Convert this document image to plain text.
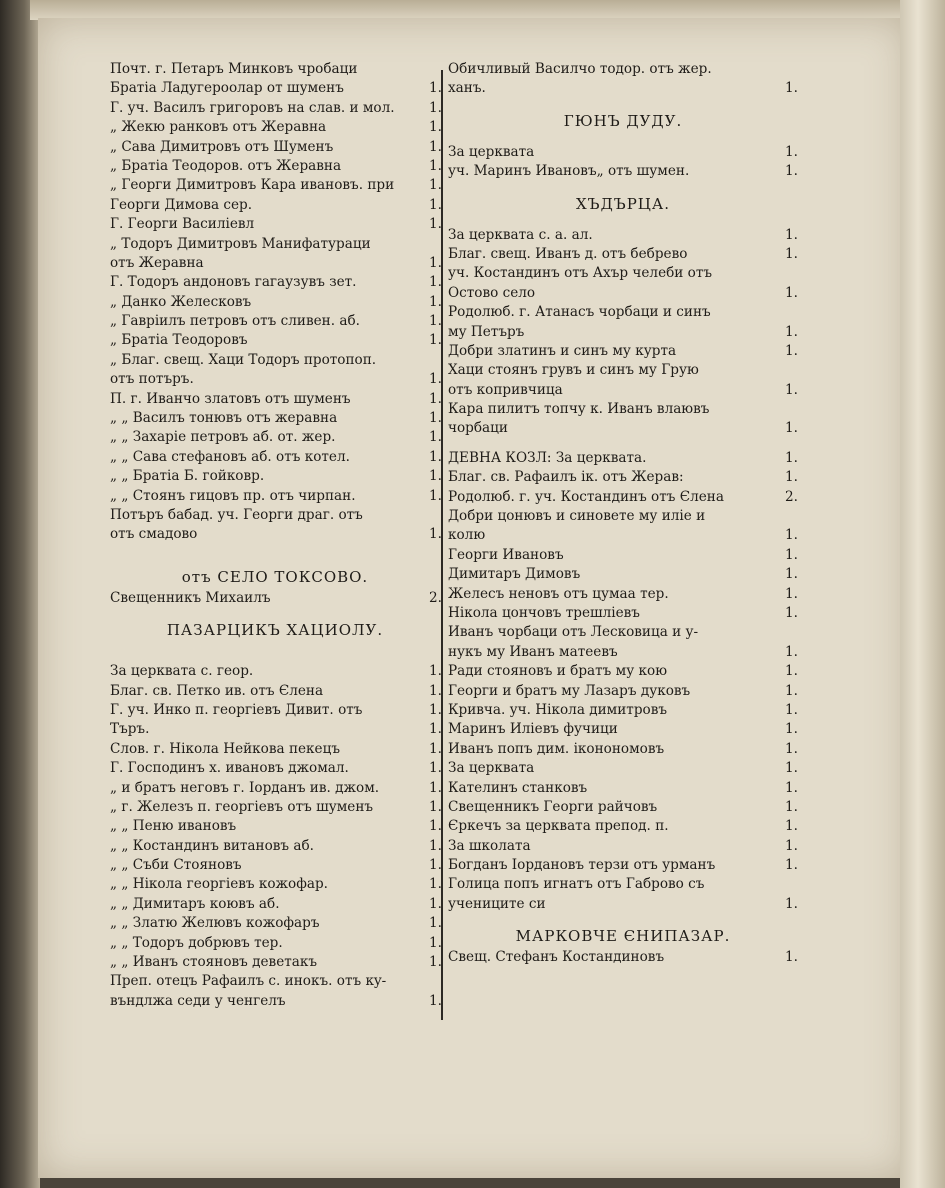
Почт. г. Петаръ Минковъ чробаци
Братіа Ладугероолар от шуменъ	1.
Г. уч. Василъ григоровъ на слав. и мол.	1.
„ Жекю ранковъ отъ Жеравна	1.
„ Сава Димитровъ отъ Шуменъ	1.
„ Братіа Теодоров. отъ Жеравна	1.
„ Георги Димитровъ Кара ивановъ. при	1.
Георги Димова сер.	1.
Г. Георги Василіевл	1.
„ Тодоръ Димитровъ Манифатураци
отъ Жеравна	1.
Г. Тодоръ андоновъ гагаузувъ зет.	1.
„ Данко Желесковъ	1.
„ Гавріилъ петровъ отъ сливен. аб.	1.
„ Братіа Теодоровъ	1.
„ Благ. свещ. Хаци Тодоръ протопоп.
отъ потъръ.	1.
П. г. Иванчо златовъ отъ шуменъ	1.
„ „ Василъ тонювъ отъ жеравна	1.
„ „ Захаріе петровъ аб. от. жер.	1.
„ „ Сава стефановъ аб. отъ котел.	1.
„ „ Братіа Б. гойковр.	1.
„ „ Стоянъ гицовъ пр. отъ чирпан.	1.
Потъръ бабад. уч. Георги драг. отъ
отъ смадово	1.
отъ СЕЛО ТОКСОВО.
Свещенникъ Михаилъ	2.
ПАЗАРЦИКЪ ХАЦИОЛУ.
За церквата с. геор.	1.
Благ. св. Петко ив. отъ Єлена	1.
Г. уч. Инко п. георгіевъ Дивит. отъ	1.
Търъ.	1.
Слов. г. Нікола Нейкова пекецъ	1.
Г. Господинъ х. ивановъ джомал.	1.
„ и братъ неговъ г. Іорданъ ив. джом.	1.
„ г. Железъ п. георгіевъ отъ шуменъ	1.
„ „ Пеню ивановъ	1.
„ „ Костандинъ витановъ аб.	1.
„ „ Съби Стояновъ	1.
„ „ Нікола георгіевъ кожофар.	1.
„ „ Димитаръ коювъ аб.	1.
„ „ Златю Желювъ кожофаръ	1.
„ „ Тодоръ добрювъ тер.	1.
„ „ Иванъ стояновъ деветакъ	1.
Преп. отецъ Рафаилъ с. инокъ. отъ кy-
въндлжа седи у ченгелъ	1.
Обичливый Василчо тодор. отъ жер.
ханъ.	1.
ГЮНЪ ДУДУ.
За церквата	1.
уч. Маринъ Ивановъ„ отъ шумен.	1.
ХЪДЪРЦА.
За церквата с. а. ал.	1.
Благ. свещ. Иванъ д. отъ бебрево	1.
уч. Костандинъ отъ Ахър челеби отъ
Остово село	1.
Родолюб. г. Атанасъ чорбаци и синъ
му Петъръ	1.
Добри златинъ и синъ му курта	1.
Хаци стоянъ грувъ и синъ му Грую
отъ копривчица	1.
Кара пилитъ топчу к. Иванъ влаювъ
чорбаци	1.
ДЕВНА КОЗЛ: За церквата.	1.
Благ. св. Рафаилъ ік. отъ Жерав:	1.
Родолюб. г. уч. Костандинъ отъ Єлена	2.
Добри цонювъ и синовете му иліе и
колю	1.
Георги Ивановъ	1.
Димитаръ Димовъ	1.
Желесъ неновъ отъ цумаа тер.	1.
Нікола цончовъ трешліевъ	1.
Иванъ чорбаци отъ Лесковица и у-
нукъ му Иванъ матеевъ	1.
Ради стояновъ и братъ му кою	1.
Георги и братъ му Лазаръ дуковъ	1.
Кривча. уч. Нікола димитровъ	1.
Маринъ Иліевъ фучици	1.
Иванъ попъ дим. іконономовъ	1.
За церквата	1.
Кателинъ станковъ	1.
Свещенникъ Георги райчовъ	1.
Єркечъ за церквата препод. п.	1.
За школата	1.
Богданъ Іордановъ терзи отъ урманъ	1.
Голица попъ игнатъ отъ Габрово съ
учениците си	1.
МАРКОВЧЕ ЄНИПАЗАР.
Свещ. Стефанъ Костандиновъ	1.
